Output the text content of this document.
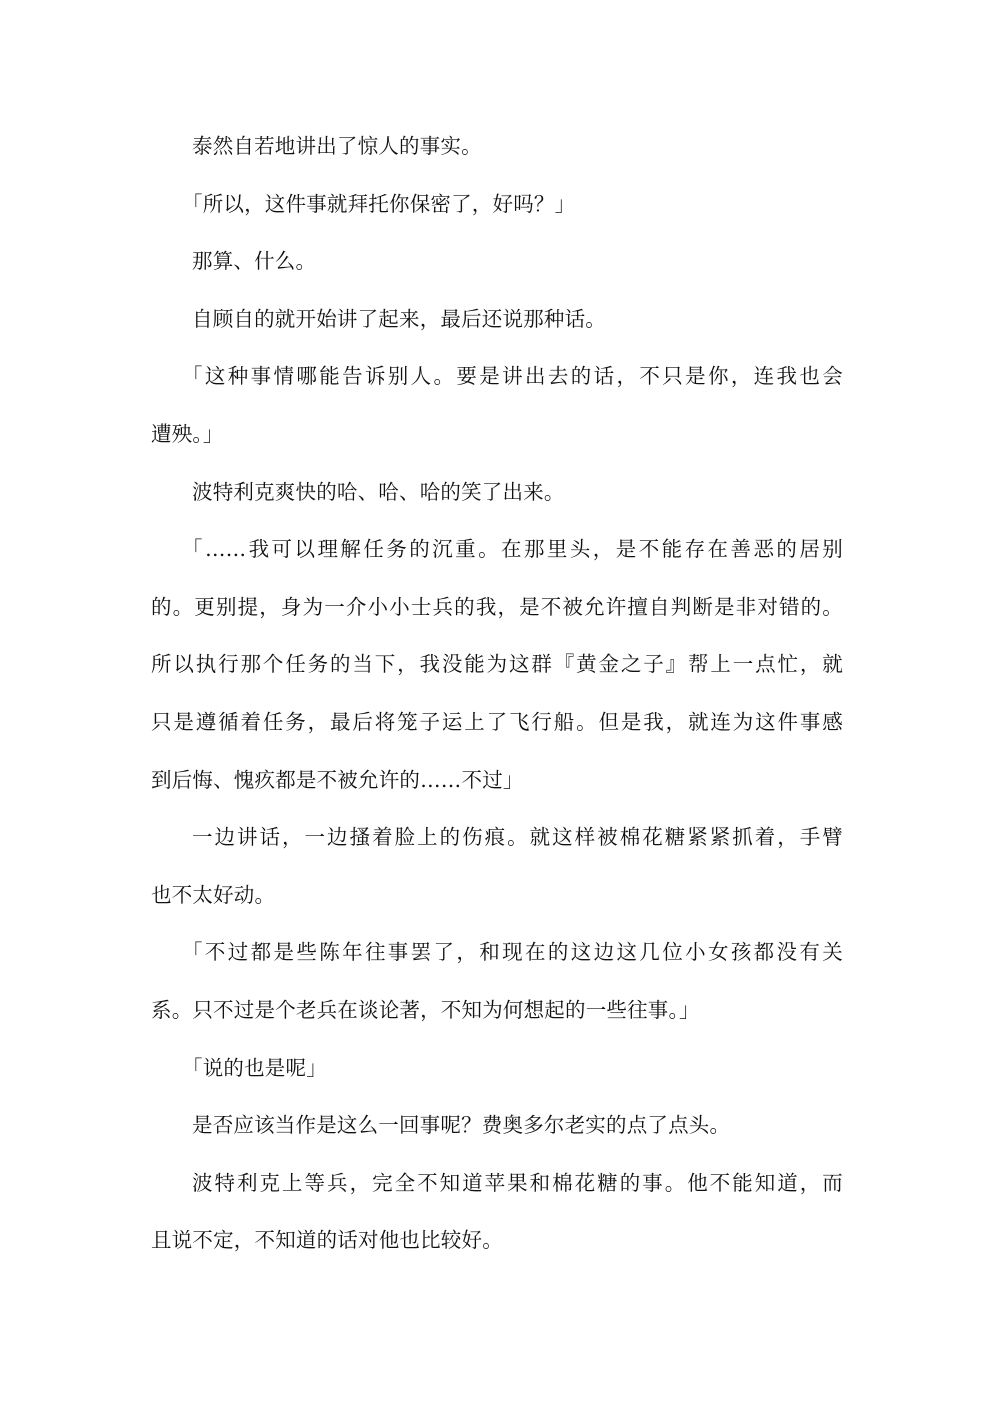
泰然自若地讲出了惊人的事实。

「所以，这件事就拜托你保密了，好吗？」

那算、什么。

自顾自的就开始讲了起来，最后还说那种话。

「这种事情哪能告诉别人。要是讲出去的话，不只是你，连我也会
遭殃。」

波特利克爽快的哈、哈、哈的笑了出来。

「……我可以理解任务的沉重。在那里头，是不能存在善恶的居别
的。更别提，身为一介小小士兵的我，是不被允许擅自判断是非对错的。
所以执行那个任务的当下，我没能为这群『黄金之子』帮上一点忙，就
只是遵循着任务，最后将笼子运上了飞行船。但是我，就连为这件事感
到后悔、愧疚都是不被允许的……不过」

一边讲话，一边搔着脸上的伤痕。就这样被棉花糖紧紧抓着，手臂
也不太好动。

「不过都是些陈年往事罢了，和现在的这边这几位小女孩都没有关
系。只不过是个老兵在谈论著，不知为何想起的一些往事。」

「说的也是呢」

是否应该当作是这么一回事呢？费奥多尔老实的点了点头。

波特利克上等兵，完全不知道苹果和棉花糖的事。他不能知道，而
且说不定，不知道的话对他也比较好。
